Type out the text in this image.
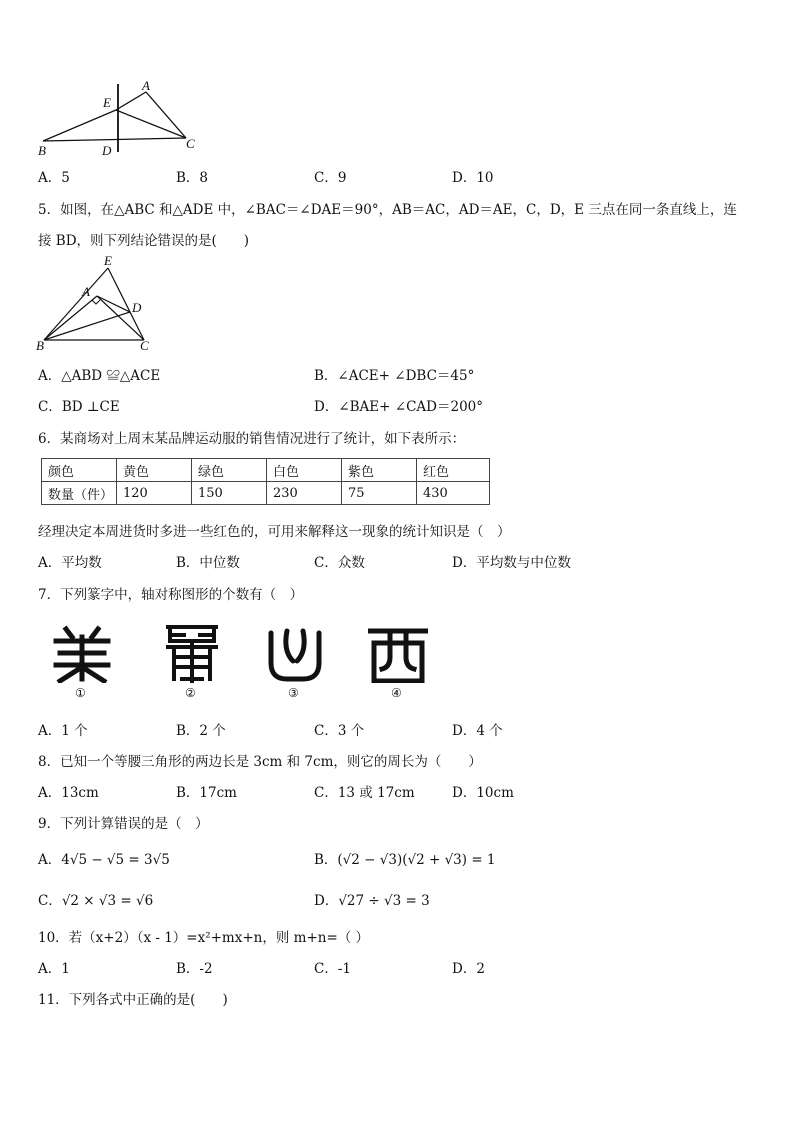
A
E
B	D	C
A．5	B．8	C．9	D．10
5．如图，在△ABC 和△ADE 中，∠BAC＝∠DAE＝90°，AB＝AC，AD＝AE，C，D，E 三点在同一条直线上，连
接 BD，则下列结论错误的是(　　)
E
A
D
B	C
A．△ABD ≌△ACE	B．∠ACE+ ∠DBC＝45°
C．BD ⊥CE	D．∠BAE+ ∠CAD＝200°
6．某商场对上周末某品牌运动服的销售情况进行了统计，如下表所示：
颜色	黄色	绿色	白色	紫色	红色
数量（件）	120	150	230	75	430
经理决定本周进货时多进一些红色的，可用来解释这一现象的统计知识是（　）
A．平均数	B．中位数	C．众数	D．平均数与中位数
7．下列篆字中，轴对称图形的个数有（　）
①	②	③	④
A．1 个	B．2 个	C．3 个	D．4 个
8．已知一个等腰三角形的两边长是 3cm 和 7cm，则它的周长为（　　）
A．13cm	B．17cm	C．13 或 17cm	D．10cm
9．下列计算错误的是（　）
A．4√5 − √5 = 3√5	B．(√2 − √3)(√2 + √3) = 1
C．√2 × √3 = √6	D．√27 ÷ √3 = 3
10．若（x+2）（x - 1）=x²+mx+n，则 m+n=（ ）
A．1	B．-2	C．-1	D．2
11．下列各式中正确的是(　　)
